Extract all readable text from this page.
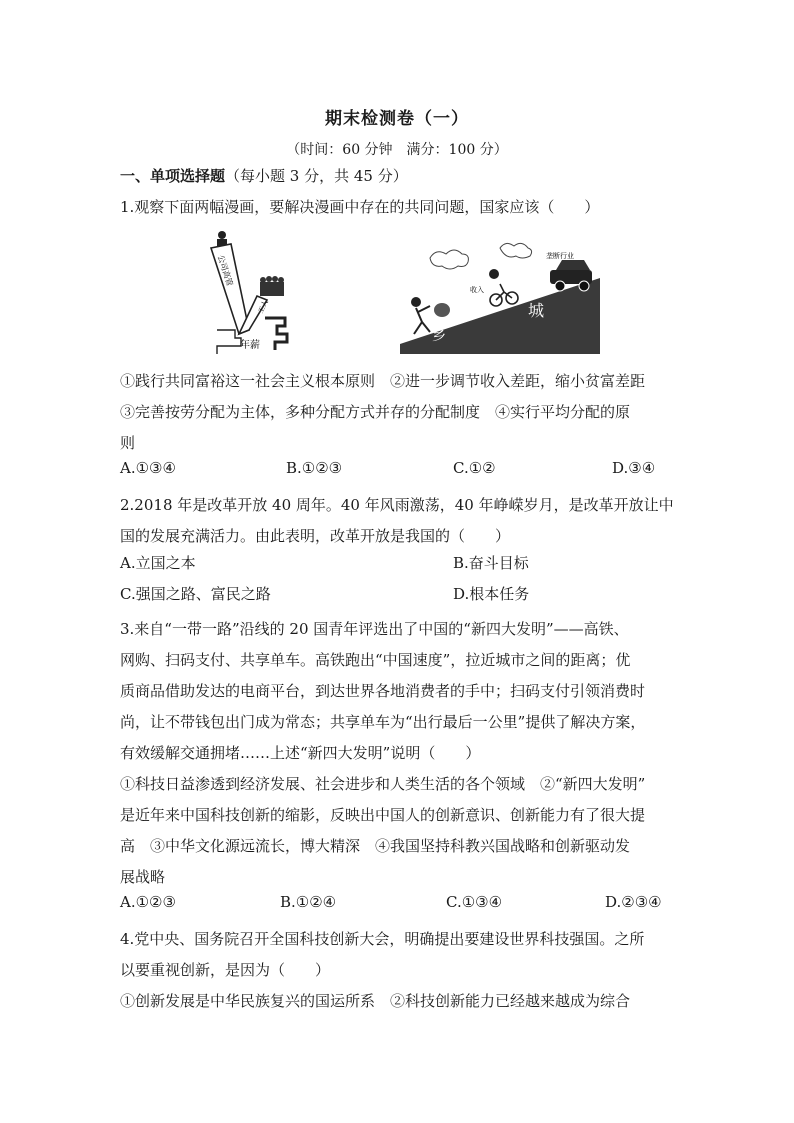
期末检测卷（一）
（时间：60 分钟　满分：100 分）
一、单项选择题（每小题 3 分，共 45 分）
1.观察下面两幅漫画，要解决漫画中存在的共同问题，国家应该（　　）
公司高管
工人
年薪
垄断行业
收入
城
乡
①践行共同富裕这一社会主义根本原则　②进一步调节收入差距，缩小贫富差距
③完善按劳分配为主体，多种分配方式并存的分配制度　④实行平均分配的原
则
A.①③④	B.①②③	C.①②	D.③④
2.2018 年是改革开放 40 周年。40 年风雨激荡，40 年峥嵘岁月，是改革开放让中
国的发展充满活力。由此表明，改革开放是我国的（　　）
A.立国之本	B.奋斗目标
C.强国之路、富民之路	D.根本任务
3.来自“一带一路”沿线的 20 国青年评选出了中国的“新四大发明”——高铁、
网购、扫码支付、共享单车。高铁跑出“中国速度”，拉近城市之间的距离；优
质商品借助发达的电商平台，到达世界各地消费者的手中；扫码支付引领消费时
尚，让不带钱包出门成为常态；共享单车为“出行最后一公里”提供了解决方案，
有效缓解交通拥堵……上述“新四大发明”说明（　　）
①科技日益渗透到经济发展、社会进步和人类生活的各个领域　②“新四大发明”
是近年来中国科技创新的缩影，反映出中国人的创新意识、创新能力有了很大提
高　③中华文化源远流长，博大精深　④我国坚持科教兴国战略和创新驱动发
展战略
A.①②③	B.①②④	C.①③④	D.②③④
4.党中央、国务院召开全国科技创新大会，明确提出要建设世界科技强国。之所
以要重视创新，是因为（　　）
①创新发展是中华民族复兴的国运所系　②科技创新能力已经越来越成为综合
